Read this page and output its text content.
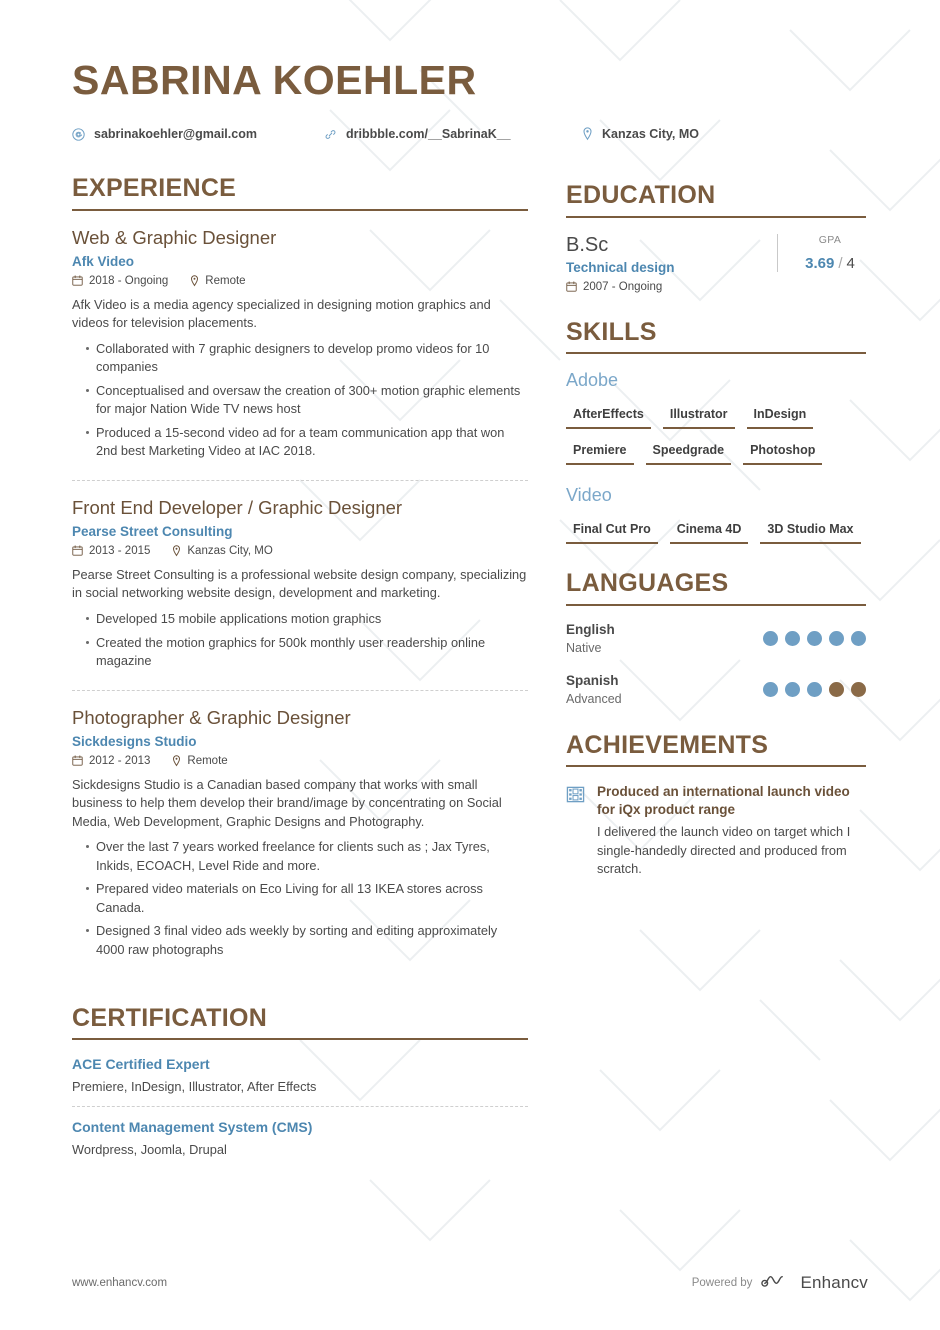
SABRINA KOEHLER
sabrinakoehler@gmail.com	dribbble.com/__SabrinaK__	Kanzas City, MO
EXPERIENCE
Web & Graphic Designer
Afk Video
2018 - Ongoing	Remote

Afk Video is a media agency specialized in designing motion graphics and videos for television placements.

Collaborated with 7 graphic designers to develop promo videos for 10 companies
Conceptualised and oversaw the creation of 300+ motion graphic elements for major Nation Wide TV news host
Produced a 15-second video ad for a team communication app that won 2nd best Marketing Video at IAC 2018.
Front End Developer / Graphic Designer
Pearse Street Consulting
2013 - 2015	Kanzas City, MO

Pearse Street Consulting is a professional website design company, specializing in social networking website design, development and marketing.

Developed 15 mobile applications motion graphics
Created the motion graphics for 500k monthly user readership online magazine
Photographer & Graphic Designer
Sickdesigns Studio
2012 - 2013	Remote

Sickdesigns Studio is a Canadian based company that works with small business to help them develop their brand/image by concentrating on Social Media, Web Development, Graphic Designs and Photography.

Over the last 7 years worked freelance for clients such as ; Jax Tyres, Inkids, ECOACH, Level Ride and more.
Prepared video materials on Eco Living for all 13 IKEA stores across Canada.
Designed 3 final video ads weekly by sorting and editing approximately 4000 raw photographs
CERTIFICATION
ACE Certified Expert

Premiere, InDesign, Illustrator, After Effects

Content Management System (CMS)

Wordpress, Joomla, Drupal

EDUCATION
B.Sc
Technical design
2007 - Ongoing
GPA
3.69 / 4
SKILLS
Adobe
AfterEffects	Illustrator	InDesign
Premiere	Speedgrade	Photoshop
Video
Final Cut Pro	Cinema 4D	3D Studio Max
LANGUAGES
English
Native
Spanish
Advanced
ACHIEVEMENTS
Produced an international launch video for iQx product range

I delivered the launch video on target which I single-handedly directed and produced from scratch.

www.enhancv.com	Powered by	Enhancv
